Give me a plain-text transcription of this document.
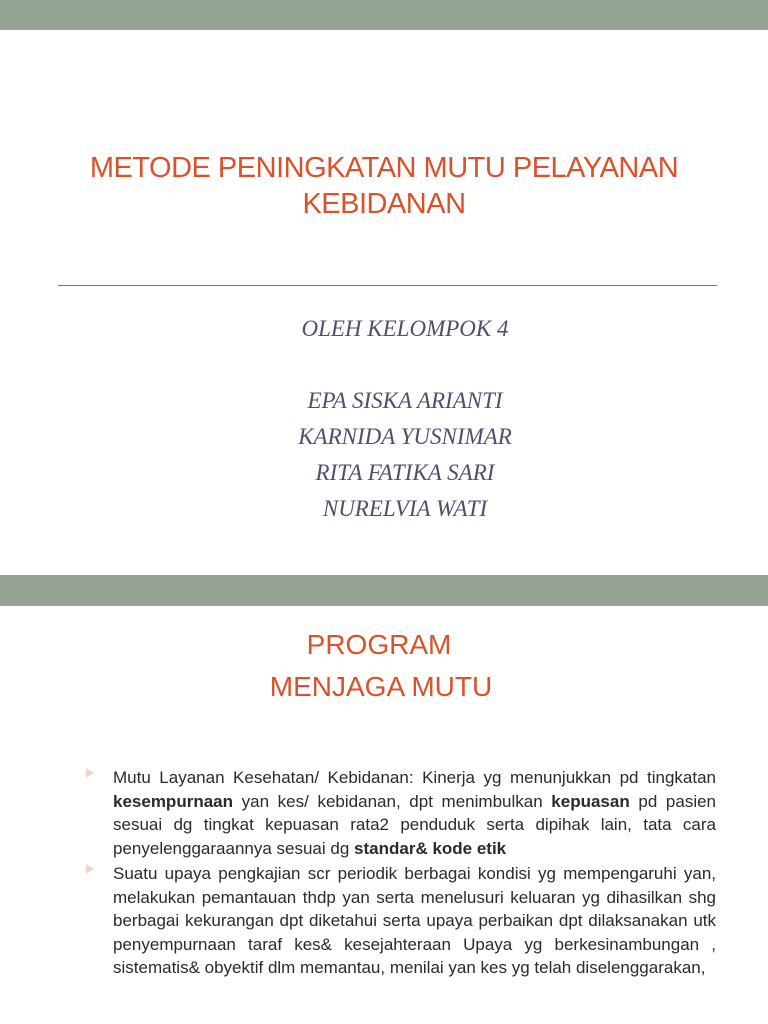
METODE PENINGKATAN MUTU PELAYANAN
KEBIDANAN
OLEH KELOMPOK 4
EPA SISKA ARIANTI
KARNIDA YUSNIMAR
RITA FATIKA SARI
NURELVIA WATI
PROGRAM
MENJAGA MUTU
Mutu Layanan Kesehatan/ Kebidanan: Kinerja yg menunjukkan pd tingkatan kesempurnaan yan kes/ kebidanan, dpt menimbulkan kepuasan pd pasien sesuai dg tingkat kepuasan rata2 penduduk serta dipihak lain, tata cara penyelenggaraannya sesuai dg standar& kode etik
Suatu upaya pengkajian scr periodik berbagai kondisi yg mempengaruhi yan, melakukan pemantauan thdp yan serta menelusuri keluaran yg dihasilkan shg berbagai kekurangan dpt diketahui serta upaya perbaikan dpt dilaksanakan utk penyempurnaan taraf kes& kesejahteraan Upaya yg berkesinambungan , sistematis& obyektif dlm memantau, menilai yan kes yg telah diselenggarakan,
